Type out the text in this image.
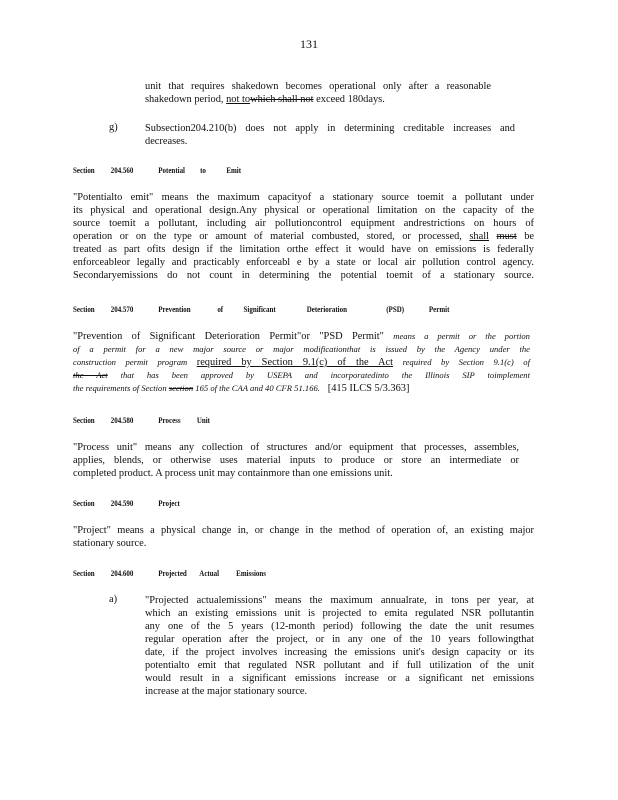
131
unit that requires shakedown becomes operational only after a reasonable
shakedown period, not towhich shall not exceed 180days.
g)	Subsection204.210(b) does not apply in determining creditable increases and
decreases.
Section 204.560	Potential to Emit
"Potentialto emit" means the maximum capacityof a stationary source toemit a pollutant under
its physical and operational design.Any physical or operational limitation on the capacity of the
source toemit a pollutant, including air pollutioncontrol equipment andrestrictions on hours of
operation or on the type or amount of material combusted, stored, or processed, shall must be
treated as part ofits design if the limitation orthe effect it would have on emissions is federally
enforceableor legally and practicably enforceabl e by a state or local air pollution control agency.
Secondaryemissions do not count in determining the potential toemit of a stationary source.
Section 204.570	Prevention	of Significant	Deterioration	(PSD)	Permit
"Prevention of Significant Deterioration Permit"or "PSD Permit" means a permit or the portion
of a permit for a new major source or major modificationthat is issued by the Agency under the
construction permit program required by Section 9.1(c) of the Act required by Section 9.1(c) of
the Act that has been approved by USEPA and incorporatedinto the Illinois SIP toimplement
the requirements of Section section 165 of the CAA and 40 CFR 51.166. [415 ILCS 5/3.363]
Section 204.580	Process Unit
"Process unit" means any collection of structures and/or equipment that processes, assembles,
applies, blends, or otherwise uses material inputs to produce or store an intermediate or
completed product. A process unit may containmore than one emissions unit.
Section 204.590	Project
"Project" means a physical change in, or change in the method of operation of, an existing major
stationary source.
Section 204.600	Projected Actual Emissions
a)	"Projected actualemissions" means the maximum annualrate, in tons per year, at
which an existing emissions unit is projected to emita regulated NSR pollutantin
any one of the 5 years (12-month period) following the date the unit resumes
regular operation after the project, or in any one of the 10 years followingthat
date, if the project involves increasing the emissions unit's design capacity or its
potentialto emit that regulated NSR pollutant and if full utilization of the unit
would result in a significant emissions increase or a significant net emissions
increase at the major stationary source.
